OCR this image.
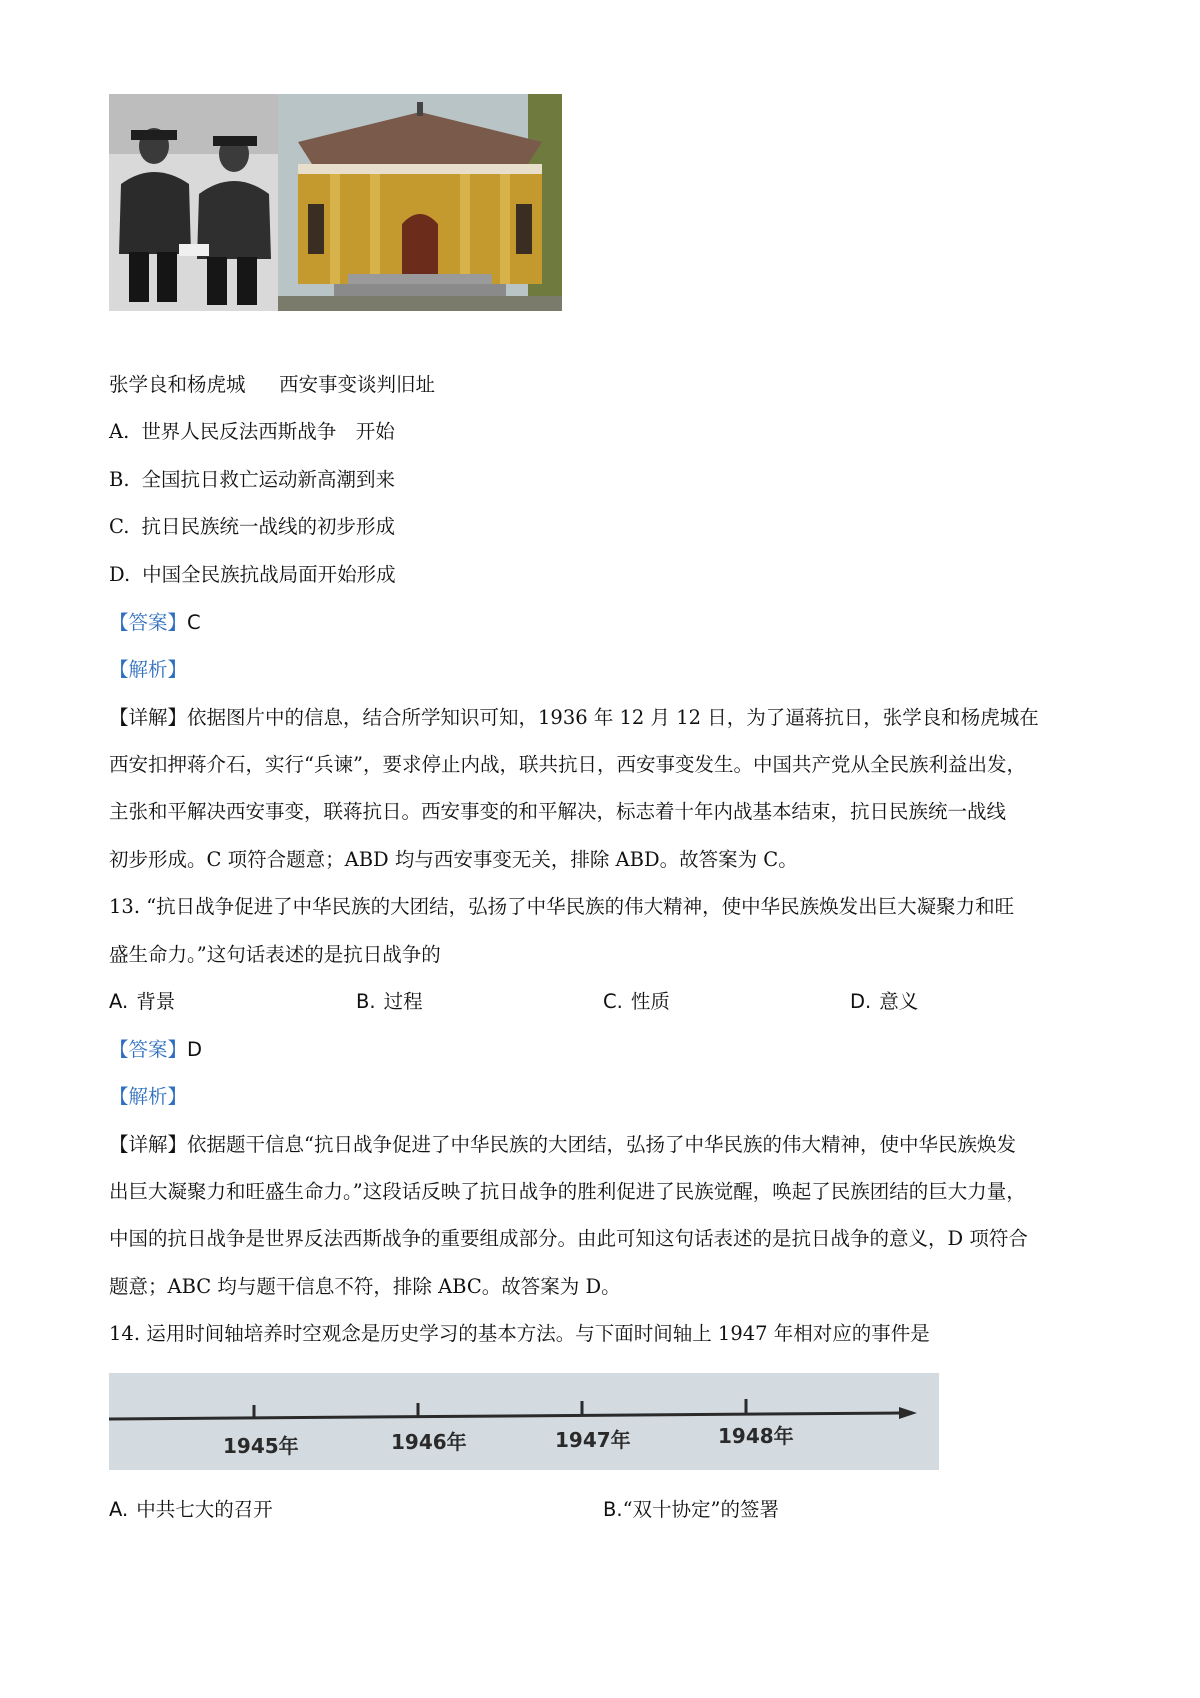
张学良和杨虎城 西安事变谈判旧址
A. 世界人民反法西斯战争　开始
B. 全国抗日救亡运动新高潮到来
C. 抗日民族统一战线的初步形成
D. 中国全民族抗战局面开始形成
【答案】C
【解析】
【详解】依据图片中的信息，结合所学知识可知，1936 年 12 月 12 日，为了逼蒋抗日，张学良和杨虎城在
西安扣押蒋介石，实行“兵谏”，要求停止内战，联共抗日，西安事变发生。中国共产党从全民族利益出发，
主张和平解决西安事变，联蒋抗日。西安事变的和平解决，标志着十年内战基本结束，抗日民族统一战线
初步形成。C 项符合题意；ABD 均与西安事变无关，排除 ABD。故答案为 C。
13. “抗日战争促进了中华民族的大团结，弘扬了中华民族的伟大精神，使中华民族焕发出巨大凝聚力和旺
盛生命力。”这句话表述的是抗日战争的
A. 背景	B. 过程	C. 性质	D. 意义
【答案】D
【解析】
【详解】依据题干信息“抗日战争促进了中华民族的大团结，弘扬了中华民族的伟大精神，使中华民族焕发
出巨大凝聚力和旺盛生命力。”这段话反映了抗日战争的胜利促进了民族觉醒，唤起了民族团结的巨大力量，
中国的抗日战争是世界反法西斯战争的重要组成部分。由此可知这句话表述的是抗日战争的意义，D 项符合
题意；ABC 均与题干信息不符，排除 ABC。故答案为 D。
14. 运用时间轴培养时空观念是历史学习的基本方法。与下面时间轴上 1947 年相对应的事件是
1945年	1946年	1947年	1948年
A. 中共七大的召开	B.“双十协定”的签署
